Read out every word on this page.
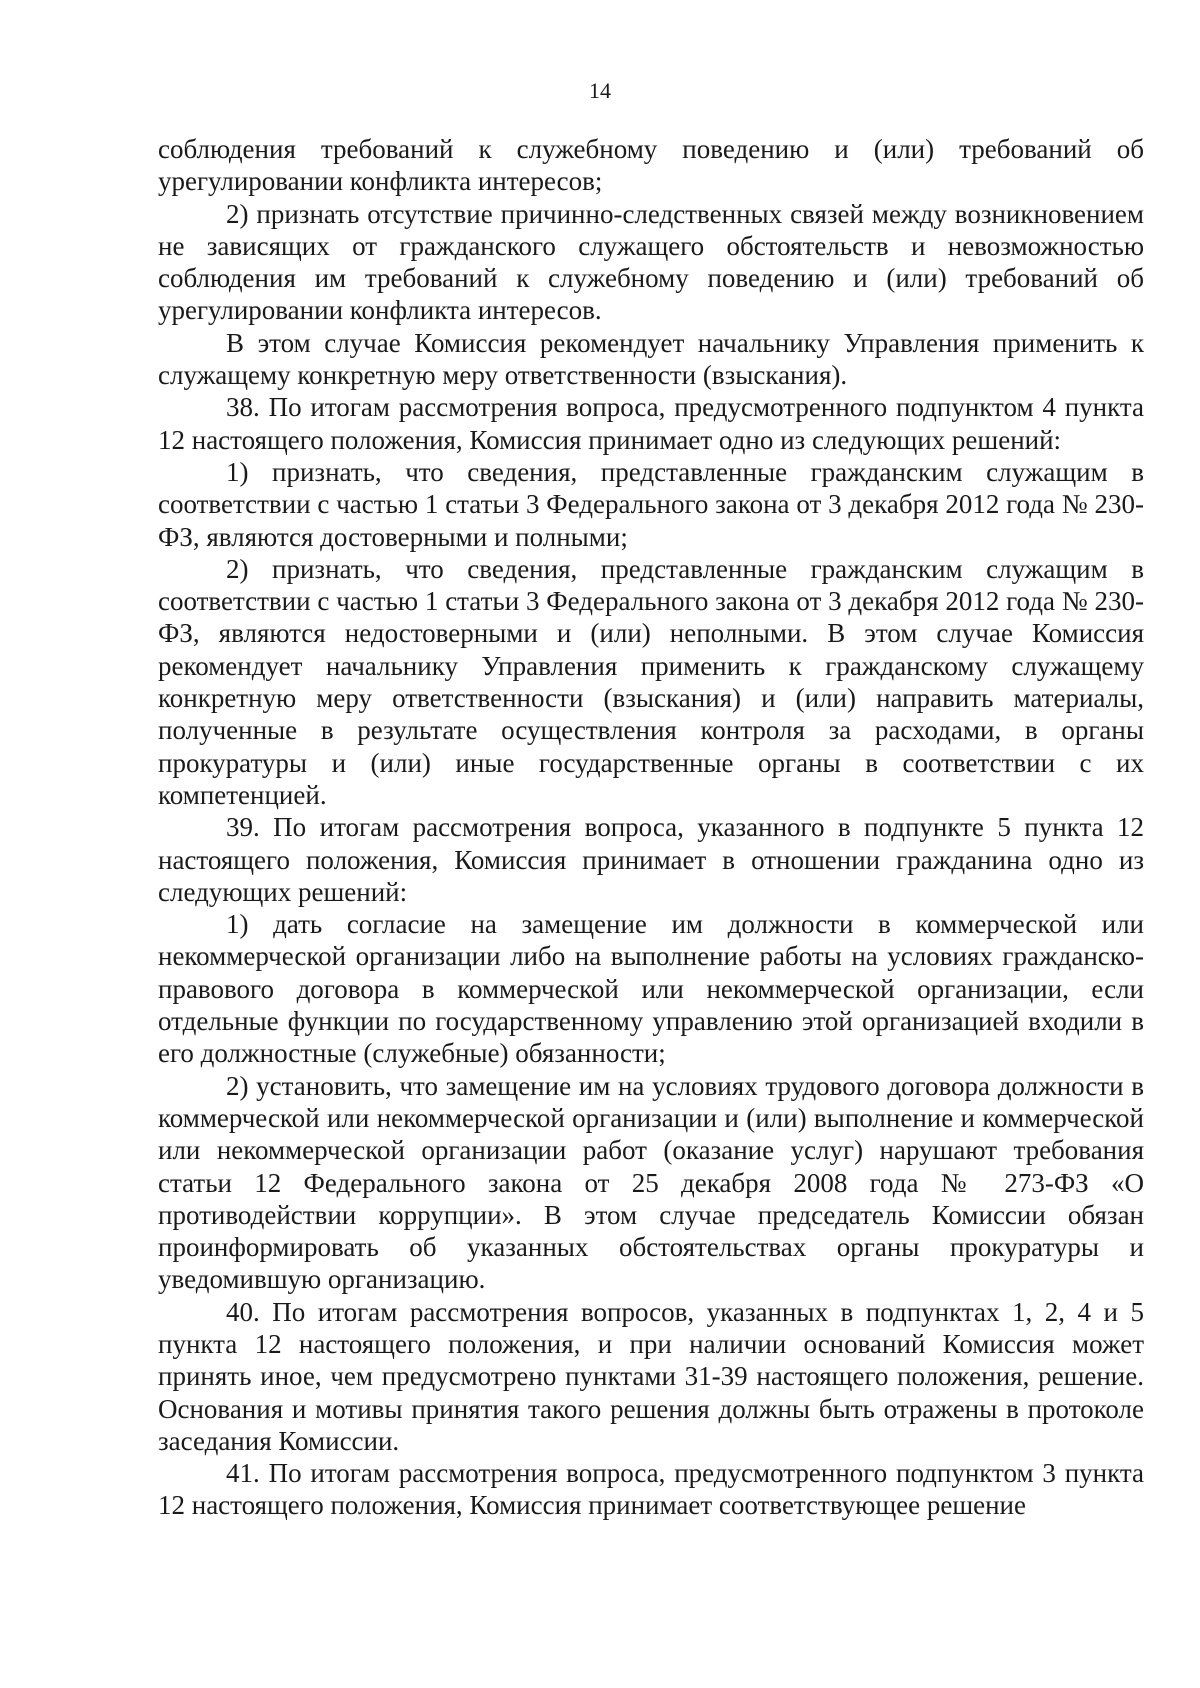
14

соблюдения требований к служебному поведению и (или) требований об урегулировании конфликта интересов;

2) признать отсутствие причинно-следственных связей между возникновением не зависящих от гражданского служащего обстоятельств и невозможностью соблюдения им требований к служебному поведению и (или) требований об урегулировании конфликта интересов.

В этом случае Комиссия рекомендует начальнику Управления применить к служащему конкретную меру ответственности (взыскания).

38. По итогам рассмотрения вопроса, предусмотренного подпунктом 4 пункта 12 настоящего положения, Комиссия принимает одно из следующих решений:

1) признать, что сведения, представленные гражданским служащим в соответствии с частью 1 статьи 3 Федерального закона от 3 декабря 2012 года № 230-ФЗ, являются достоверными и полными;

2) признать, что сведения, представленные гражданским служащим в соответствии с частью 1 статьи 3 Федерального закона от 3 декабря 2012 года № 230-ФЗ, являются недостоверными и (или) неполными. В этом случае Комиссия рекомендует начальнику Управления применить к гражданскому служащему конкретную меру ответственности (взыскания) и (или) направить материалы, полученные в результате осуществления контроля за расходами, в органы прокуратуры и (или) иные государственные органы в соответствии с их компетенцией.

39. По итогам рассмотрения вопроса, указанного в подпункте 5 пункта 12 настоящего положения, Комиссия принимает в отношении гражданина одно из следующих решений:

1) дать согласие на замещение им должности в коммерческой или некоммерческой организации либо на выполнение работы на условиях гражданско-правового договора в коммерческой или некоммерческой организации, если отдельные функции по государственному управлению этой организацией входили в его должностные (служебные) обязанности;

2) установить, что замещение им на условиях трудового договора должности в коммерческой или некоммерческой организации и (или) выполнение и коммерческой или некоммерческой организации работ (оказание услуг) нарушают требования статьи 12 Федерального закона от 25 декабря 2008 года № 273-ФЗ «О противодействии коррупции». В этом случае председатель Комиссии обязан проинформировать об указанных обстоятельствах органы прокуратуры и уведомившую организацию.

40. По итогам рассмотрения вопросов, указанных в подпунктах 1, 2, 4 и 5 пункта 12 настоящего положения, и при наличии оснований Комиссия может принять иное, чем предусмотрено пунктами 31-39 настоящего положения, решение. Основания и мотивы принятия такого решения должны быть отражены в протоколе заседания Комиссии.

41. По итогам рассмотрения вопроса, предусмотренного подпунктом 3 пункта 12 настоящего положения, Комиссия принимает соответствующее решение
